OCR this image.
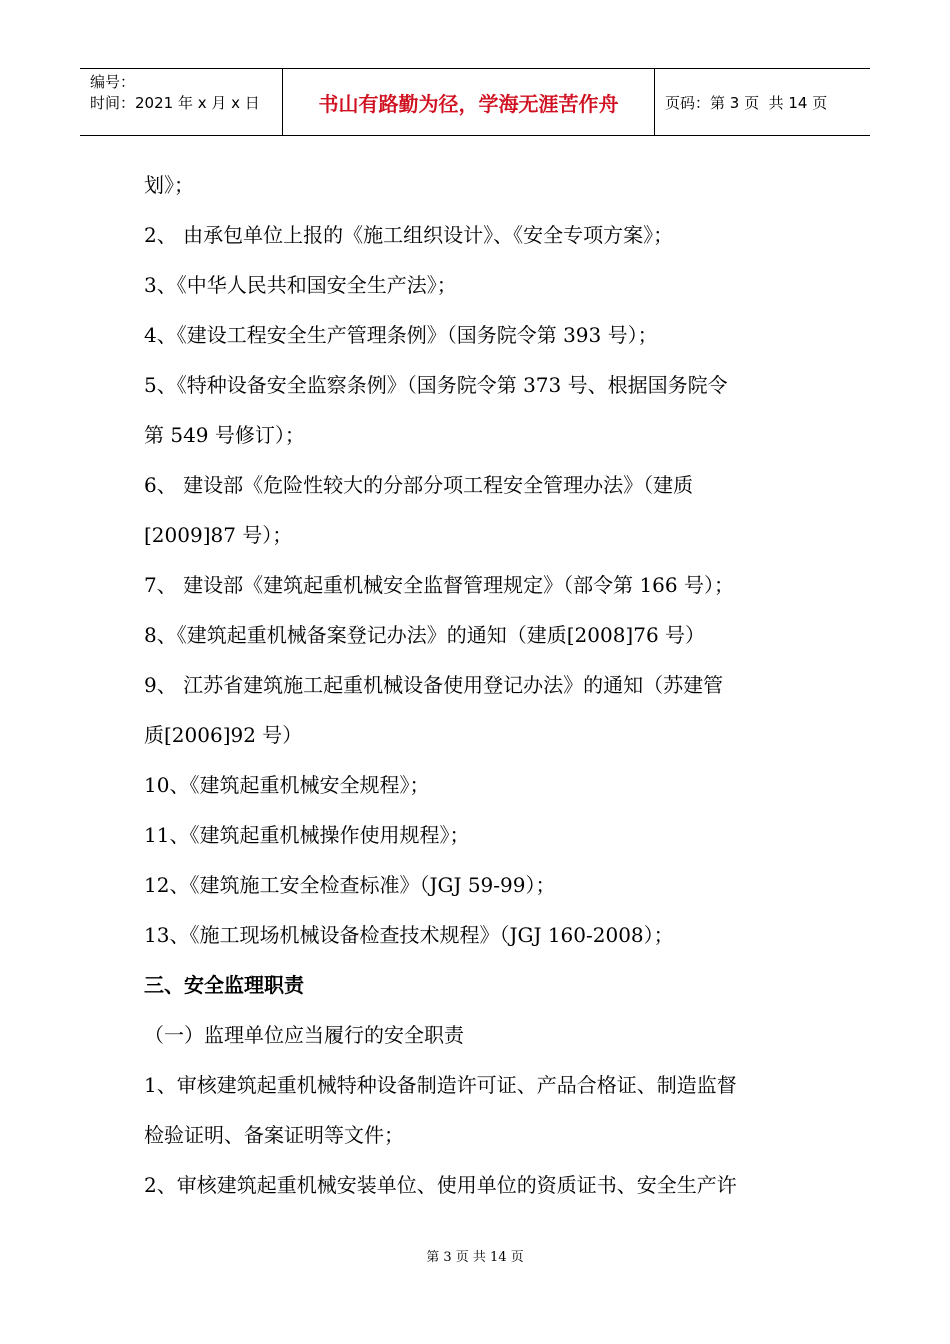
编号：
时间：2021 年 x 月 x 日	书山有路勤为径，学海无涯苦作舟	页码：第 3 页  共 14 页
划》；
2、 由承包单位上报的《施工组织设计》、《安全专项方案》；
3、《中华人民共和国安全生产法》；
4、《建设工程安全生产管理条例》（国务院令第 393 号）；
5、《特种设备安全监察条例》（国务院令第 373 号、根据国务院令
第 549 号修订）；
6、 建设部《危险性较大的分部分项工程安全管理办法》（建质
[2009]87 号）；
7、 建设部《建筑起重机械安全监督管理规定》（部令第 166 号）；
8、《建筑起重机械备案登记办法》的通知（建质[2008]76 号）
9、 江苏省建筑施工起重机械设备使用登记办法》的通知（苏建管
质[2006]92 号）
10、《建筑起重机械安全规程》；
11、《建筑起重机械操作使用规程》；
12、《建筑施工安全检查标准》（JGJ 59-99）；
13、《施工现场机械设备检查技术规程》（JGJ 160-2008）；
三、安全监理职责
（一）监理单位应当履行的安全职责
1、审核建筑起重机械特种设备制造许可证、产品合格证、制造监督
检验证明、备案证明等文件；
2、审核建筑起重机械安装单位、使用单位的资质证书、安全生产许
第 3 页 共 14 页
